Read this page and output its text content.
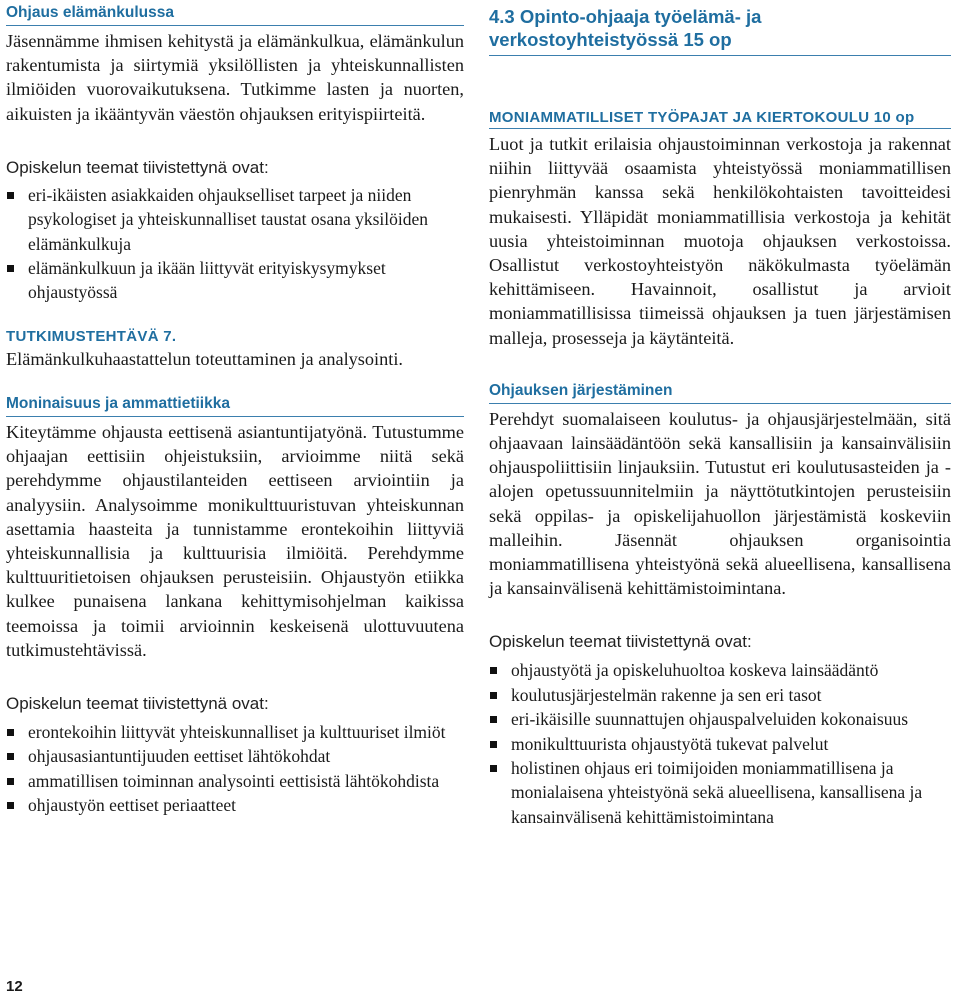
Ohjaus elämänkulussa

Jäsennämme ihmisen kehitystä ja elämänkulkua, elämänkulun rakentumista ja siirtymiä yksilöllisten ja yhteiskunnallisten ilmiöiden vuorovaikutuksena. Tutkimme lasten ja nuorten, aikuisten ja ikääntyvän väestön ohjauksen erityispiirteitä.

Opiskelun teemat tiivistettynä ovat:

eri-ikäisten asiakkaiden ohjaukselliset tarpeet ja niiden psykologiset ja yhteiskunnalliset taustat osana yksilöiden elämänkulkuja
elämänkulkuun ja ikään liittyvät erityiskysymykset ohjaustyössä
TUTKIMUSTEHTÄVÄ 7.

Elämänkulkuhaastattelun toteuttaminen ja analysointi.

Moninaisuus ja ammattietiikka

Kiteytämme ohjausta eettisenä asiantuntijatyönä. Tutustumme ohjaajan eettisiin ohjeistuksiin, arvioimme niitä sekä perehdymme ohjaustilanteiden eettiseen arviointiin ja analyysiin. Analysoimme monikulttuuristuvan yhteiskunnan asettamia haasteita ja tunnistamme erontekoihin liittyviä yhteiskunnallisia ja kulttuurisia ilmiöitä. Perehdymme kulttuuritietoisen ohjauksen perusteisiin. Ohjaustyön etiikka kulkee punaisena lankana kehittymisohjelman kaikissa teemoissa ja toimii arvioinnin keskeisenä ulottuvuutena tutkimustehtävissä.

Opiskelun teemat tiivistettynä ovat:

erontekoihin liittyvät yhteiskunnalliset ja kulttuuriset ilmiöt
ohjausasiantuntijuuden eettiset lähtökohdat
ammatillisen toiminnan analysointi eettisistä lähtökohdista
ohjaustyön eettiset periaatteet
4.3 Opinto-ohjaaja työelämä- ja verkostoyhteistyössä 15 op
MONIAMMATILLISET TYÖPAJAT JA KIERTOKOULU 10 op

Luot ja tutkit erilaisia ohjaustoiminnan verkostoja ja rakennat niihin liittyvää osaamista yhteistyössä moniammatillisen pienryhmän kanssa sekä henkilökohtaisten tavoitteidesi mukaisesti. Ylläpidät moniammatillisia verkostoja ja kehität uusia yhteistoiminnan muotoja ohjauksen verkostoissa. Osallistut verkostoyhteistyön näkökulmasta työelämän kehittämiseen. Havainnoit, osallistut ja arvioit moniammatillisissa tiimeissä ohjauksen ja tuen järjestämisen malleja, prosesseja ja käytänteitä.

Ohjauksen järjestäminen

Perehdyt suomalaiseen koulutus- ja ohjausjärjestelmään, sitä ohjaavaan lainsäädäntöön sekä kansallisiin ja kansainvälisiin ohjauspoliittisiin linjauksiin. Tutustut eri koulutusasteiden ja -alojen opetussuunnitelmiin ja näyttötutkintojen perusteisiin sekä oppilas- ja opiskelijahuollon järjestämistä koskeviin malleihin. Jäsennät ohjauksen organisointia moniammatillisena yhteistyönä sekä alueellisena, kansallisena ja kansainvälisenä kehittämistoimintana.

Opiskelun teemat tiivistettynä ovat:

ohjaustyötä ja opiskeluhuoltoa koskeva lainsäädäntö
koulutusjärjestelmän rakenne ja sen eri tasot
eri-ikäisille suunnattujen ohjauspalveluiden kokonaisuus
monikulttuurista ohjaustyötä tukevat palvelut
holistinen ohjaus eri toimijoiden moniammatillisena ja monialaisena yhteistyönä sekä alueellisena, kansallisena ja kansainvälisenä kehittämistoimintana
12
